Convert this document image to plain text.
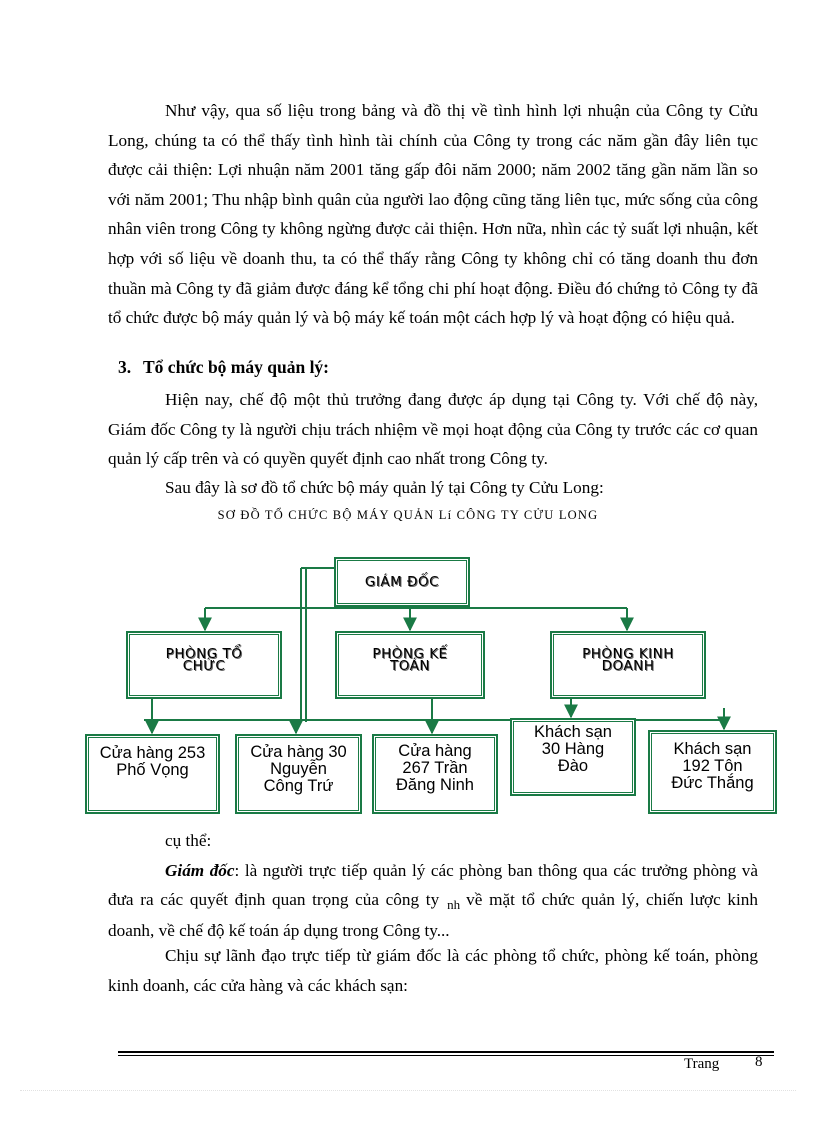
Như vậy, qua số liệu trong bảng và đồ thị về tình hình lợi nhuận của Công ty Cửu Long, chúng ta có thể thấy tình hình tài chính của Công ty trong các năm gần đây liên tục được cải thiện: Lợi nhuận năm 2001 tăng gấp đôi năm 2000; năm 2002 tăng gần năm lần so với năm 2001; Thu nhập bình quân của người lao động cũng tăng liên tục, mức sống của công nhân viên trong Công ty không ngừng được cải thiện. Hơn nữa, nhìn các tỷ suất lợi nhuận, kết hợp với số liệu về doanh thu, ta có thể thấy rằng Công ty không chỉ có tăng doanh thu đơn thuần mà Công ty đã giảm được đáng kể tổng chi phí hoạt động. Điều đó chứng tỏ Công ty đã tổ chức được bộ máy quản lý và bộ máy kế toán một cách hợp lý và hoạt động có hiệu quả.

3. Tổ chức bộ máy quản lý:

Hiện nay, chế độ một thủ trưởng đang được áp dụng tại Công ty. Với chế độ này, Giám đốc Công ty là người chịu trách nhiệm về mọi hoạt động của Công ty trước các cơ quan quản lý cấp trên và có quyền quyết định cao nhất trong Công ty.

Sau đây là sơ đồ tổ chức bộ máy quản lý tại Công ty Cửu Long:

SƠ ĐỒ TỔ CHỨC BỘ MÁY QUẢN Lí CÔNG TY CỬU LONG

GIÁM ĐỐC
PHÒNG TỔ
CHỨC
PHÒNG KẾ
TOÁN
PHÒNG KINH
DOANH
Cửa hàng 253
Phố Vọng
Cửa hàng 30
Nguyễn
Công Trứ
Cửa hàng
267 Trần
Đăng Ninh
Khách sạn
30 Hàng
Đào
Khách sạn
192 Tôn
Đức Thắng

cụ thể:
Giám đốc: là người trực tiếp quản lý các phòng ban thông qua các trưởng phòng và đưa ra các quyết định quan trọng của công ty $_{nh}$ về mặt tổ chức quản lý, chiến lược kinh doanh, về chế độ kế toán áp dụng trong Công ty...

Chịu sự lãnh đạo trực tiếp từ giám đốc là các phòng tổ chức, phòng kế toán, phòng kinh doanh, các cửa hàng và các khách sạn:

Trang 8
